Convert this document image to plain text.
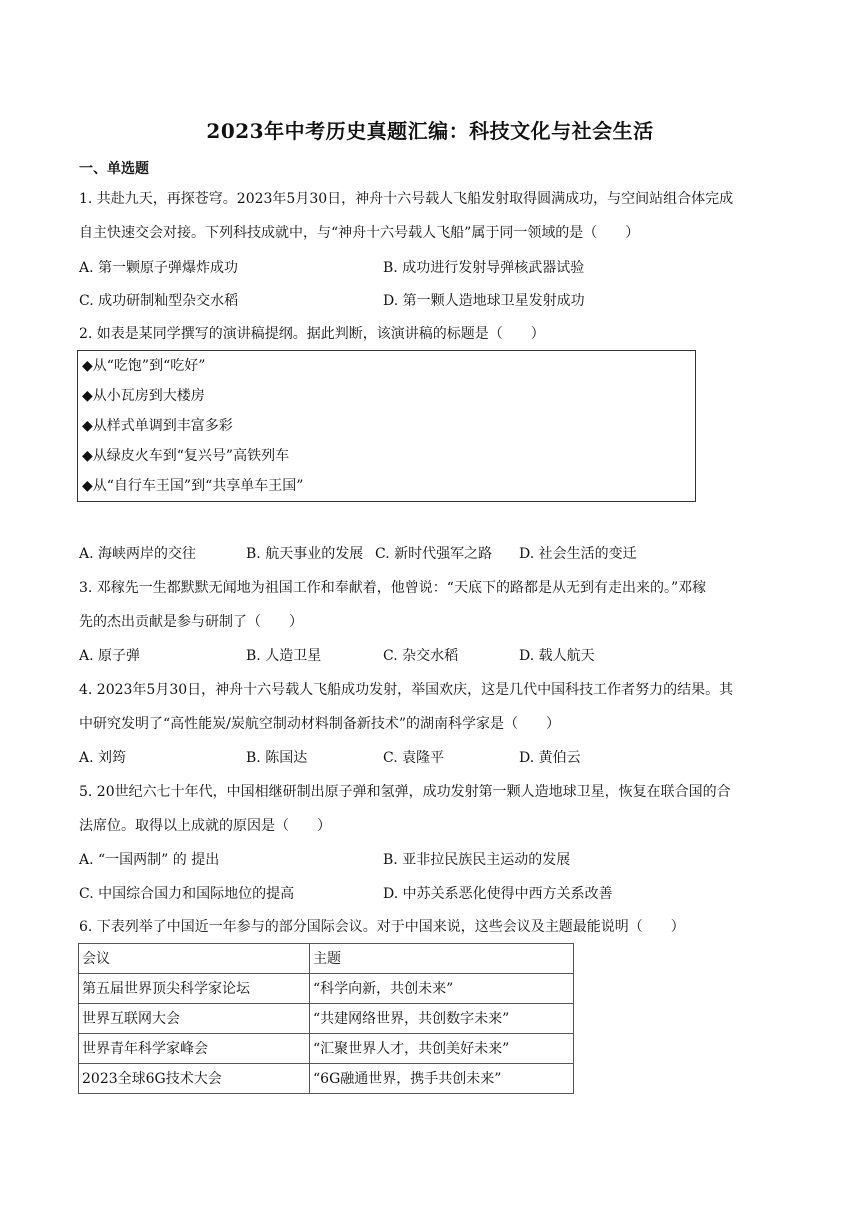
2023年中考历史真题汇编：科技文化与社会生活
一、单选题
1. 共赴九天，再探苍穹。2023年5月30日，神舟十六号载人飞船发射取得圆满成功，与空间站组合体完成
自主快速交会对接。下列科技成就中，与“神舟十六号载人飞船”属于同一领域的是（　　）
A. 第一颗原子弹爆炸成功	B. 成功进行发射导弹核武器试验
C. 成功研制籼型杂交水稻	D. 第一颗人造地球卫星发射成功
2. 如表是某同学撰写的演讲稿提纲。据此判断，该演讲稿的标题是（　　）
◆从“吃饱”到“吃好”
◆从小瓦房到大楼房
◆从样式单调到丰富多彩
◆从绿皮火车到“复兴号”高铁列车
◆从“自行车王国”到“共享单车王国”
A. 海峡两岸的交往	B. 航天事业的发展 C. 新时代强军之路 D. 社会生活的变迁
3. 邓稼先一生都默默无闻地为祖国工作和奉献着，他曾说：“天底下的路都是从无到有走出来的。”邓稼
先的杰出贡献是参与研制了（　　）
A. 原子弹	B. 人造卫星	C. 杂交水稻	D. 载人航天
4. 2023年5月30日，神舟十六号载人飞船成功发射，举国欢庆，这是几代中国科技工作者努力的结果。其
中研究发明了“高性能炭/炭航空制动材料制备新技术”的湖南科学家是（　　）
A. 刘筠	B. 陈国达	C. 袁隆平	D. 黄伯云
5. 20世纪六七十年代，中国相继研制出原子弹和氢弹，成功发射第一颗人造地球卫星，恢复在联合国的合
法席位。取得以上成就的原因是（　　）
A. “一国两制” 的 提出	B. 亚非拉民族民主运动的发展
C. 中国综合国力和国际地位的提高	D. 中苏关系恶化使得中西方关系改善
6. 下表列举了中国近一年参与的部分国际会议。对于中国来说，这些会议及主题最能说明（　　）
会议	主题
第五届世界顶尖科学家论坛	“科学向新，共创未来”
世界互联网大会	“共建网络世界，共创数字未来”
世界青年科学家峰会	“汇聚世界人才，共创美好未来”
2023全球6G技术大会	“6G融通世界，携手共创未来”
